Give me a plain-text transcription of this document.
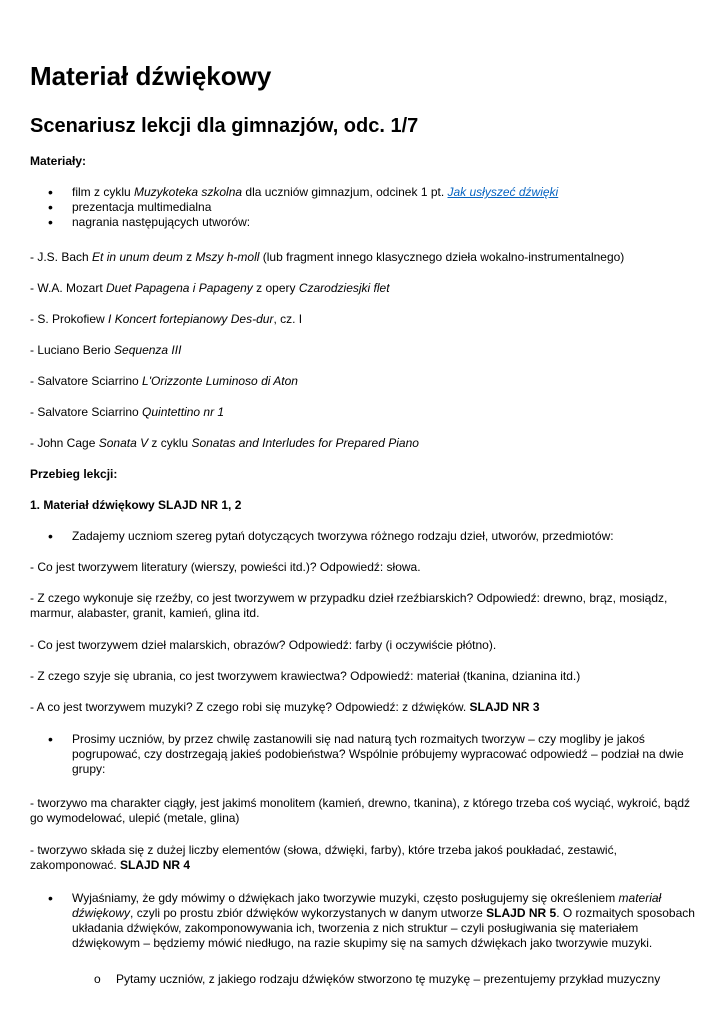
Materiał dźwiękowy
Scenariusz lekcji dla gimnazjów, odc. 1/7

Materiały:

• film z cyklu Muzykoteka szkolna dla uczniów gimnazjum, odcinek 1 pt. Jak usłyszeć dźwięki
• prezentacja multimedialna
• nagrania następujących utworów:

- J.S. Bach Et in unum deum z Mszy h-moll (lub fragment innego klasycznego dzieła wokalno-instrumentalnego)

- W.A. Mozart Duet Papagena i Papageny z opery Czarodziesjki flet

- S. Prokofiew I Koncert fortepianowy Des-dur, cz. I

- Luciano Berio Sequenza III

- Salvatore Sciarrino L'Orizzonte Luminoso di Aton

- Salvatore Sciarrino Quintettino nr 1

- John Cage Sonata V z cyklu Sonatas and Interludes for Prepared Piano

Przebieg lekcji:

1. Materiał dźwiękowy SLAJD NR 1, 2

• Zadajemy uczniom szereg pytań dotyczących tworzywa różnego rodzaju dzieł, utworów, przedmiotów:

- Co jest tworzywem literatury (wierszy, powieści itd.)? Odpowiedź: słowa.

- Z czego wykonuje się rzeźby, co jest tworzywem w przypadku dzieł rzeźbiarskich? Odpowiedź: drewno, brąz, mosiądz, marmur, alabaster, granit, kamień, glina itd.

- Co jest tworzywem dzieł malarskich, obrazów? Odpowiedź: farby (i oczywiście płótno).

- Z czego szyje się ubrania, co jest tworzywem krawiectwa? Odpowiedź: materiał (tkanina, dzianina itd.)

- A co jest tworzywem muzyki? Z czego robi się muzykę? Odpowiedź: z dźwięków. SLAJD NR 3

• Prosimy uczniów, by przez chwilę zastanowili się nad naturą tych rozmaitych tworzyw – czy mogliby je jakoś pogrupować, czy dostrzegają jakieś podobieństwa? Wspólnie próbujemy wypracować odpowiedź – podział na dwie grupy:

- tworzywo ma charakter ciągły, jest jakimś monolitem (kamień, drewno, tkanina), z którego trzeba coś wyciąć, wykroić, bądź go wymodelować, ulepić (metale, glina)

- tworzywo składa się z dużej liczby elementów (słowa, dźwięki, farby), które trzeba jakoś poukładać, zestawić, zakomponować. SLAJD NR 4

• Wyjaśniamy, że gdy mówimy o dźwiękach jako tworzywie muzyki, często posługujemy się określeniem materiał dźwiękowy, czyli po prostu zbiór dźwięków wykorzystanych w danym utworze SLAJD NR 5. O rozmaitych sposobach układania dźwięków, zakomponowywania ich, tworzenia z nich struktur – czyli posługiwania się materiałem dźwiękowym – będziemy mówić niedługo, na razie skupimy się na samych dźwiękach jako tworzywie muzyki.
o Pytamy uczniów, z jakiego rodzaju dźwięków stworzono tę muzykę – prezentujemy przykład muzyczny
